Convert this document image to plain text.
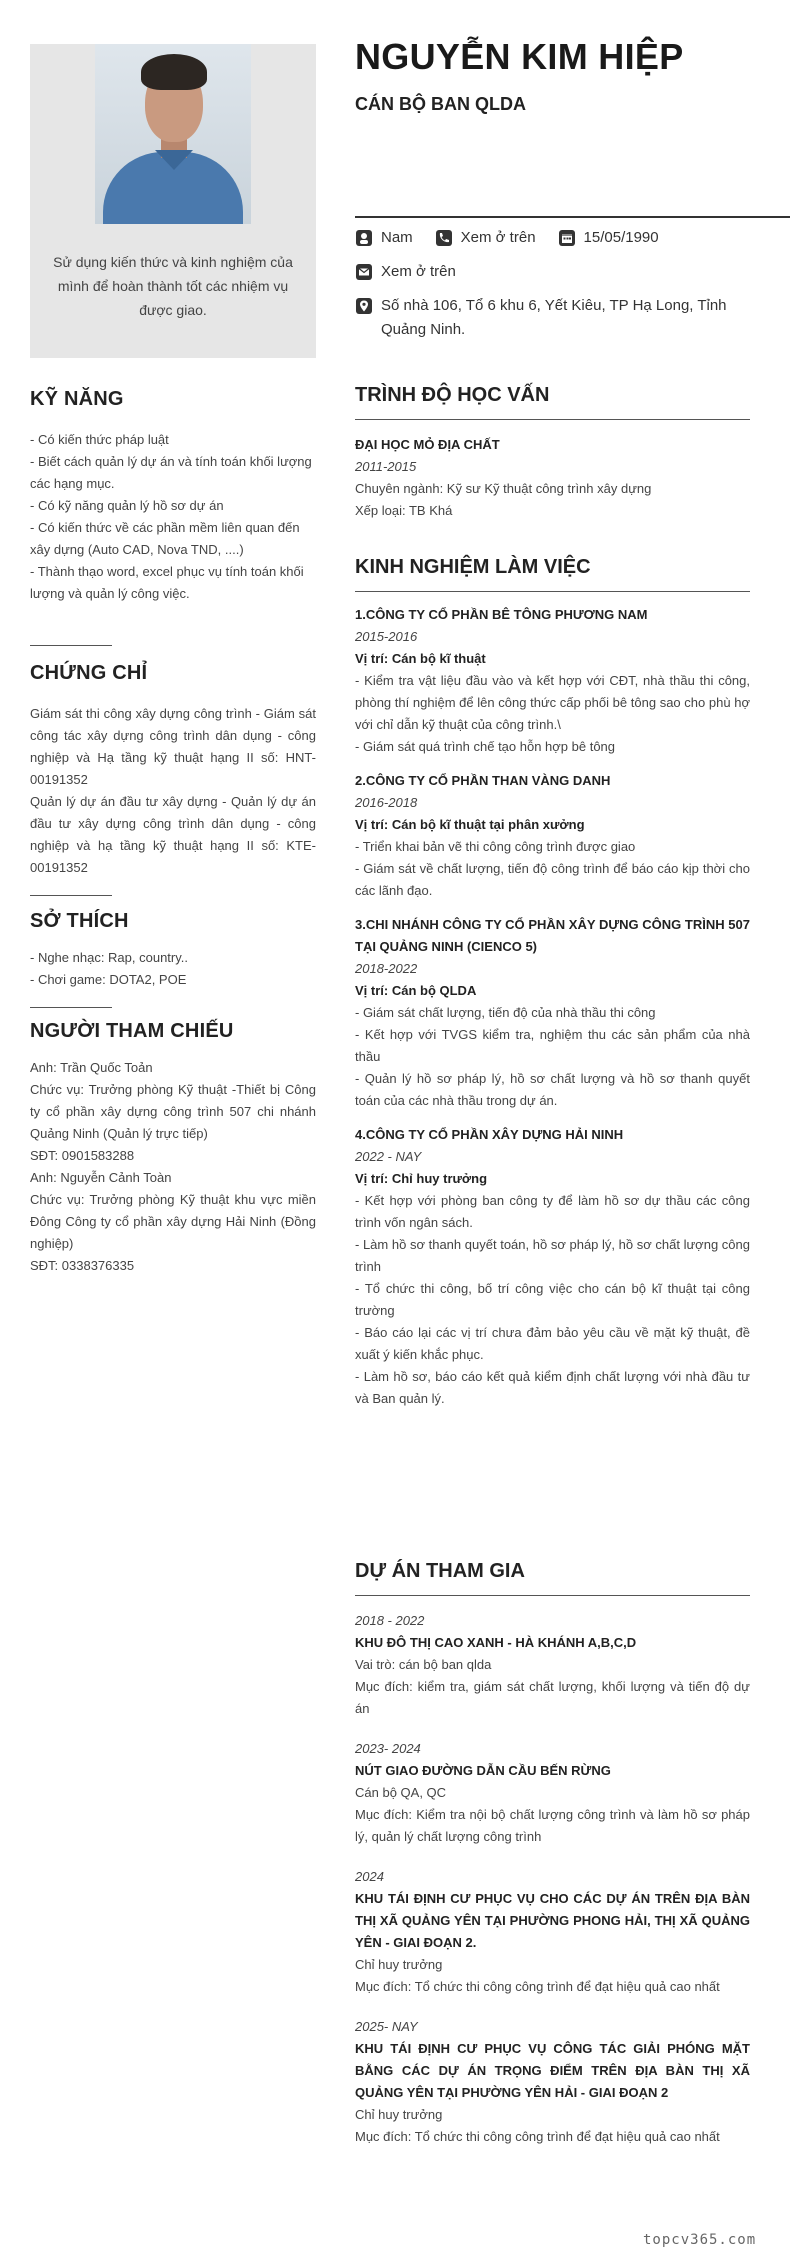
Sử dụng kiến thức và kinh nghiệm của mình để hoàn thành tốt các nhiệm vụ được giao.

KỸ NĂNG

- Có kiến thức pháp luật

- Biết cách quản lý dự án và tính toán khối lượng các hạng mục.

- Có kỹ năng quản lý hồ sơ dự án

- Có kiến thức về các phần mềm liên quan đến xây dựng (Auto CAD, Nova TND, ....)

- Thành thạo word, excel phục vụ tính toán khối lượng và quản lý công việc.

CHỨNG CHỈ

Giám sát thi công xây dựng công trình - Giám sát công tác xây dựng công trình dân dụng - công nghiệp và Hạ tầng kỹ thuật hạng II số: HNT-00191352

Quản lý dự án đầu tư xây dựng - Quản lý dự án đầu tư xây dựng công trình dân dụng - công nghiệp và hạ tầng kỹ thuật hạng II số: KTE-00191352

SỞ THÍCH

- Nghe nhạc: Rap, country..

- Chơi game: DOTA2, POE

NGƯỜI THAM CHIẾU

Anh: Trần Quốc Toản

Chức vụ: Trưởng phòng Kỹ thuật -Thiết bị Công ty cổ phần xây dựng công trình 507 chi nhánh Quảng Ninh (Quản lý trực tiếp)

SĐT: 0901583288

Anh: Nguyễn Cảnh Toàn

Chức vụ: Trưởng phòng Kỹ thuật khu vực miền Đông Công ty cổ phần xây dựng Hải Ninh (Đồng nghiệp)

SĐT: 0338376335

NGUYỄN KIM HIỆP
CÁN BỘ BAN QLDA
Nam	Xem ở trên	15/05/1990
Xem ở trên
Số nhà 106, Tổ 6 khu 6, Yết Kiêu, TP Hạ Long, Tỉnh Quảng Ninh.
TRÌNH ĐỘ HỌC VẤN

ĐẠI HỌC MỎ ĐỊA CHẤT

2011-2015

Chuyên ngành: Kỹ sư Kỹ thuật công trình xây dựng

Xếp loại: TB Khá

KINH NGHIỆM LÀM VIỆC

1.CÔNG TY CỔ PHẦN BÊ TÔNG PHƯƠNG NAM

2015-2016

Vị trí: Cán bộ kĩ thuật

- Kiểm tra vật liệu đầu vào và kết hợp với CĐT, nhà thầu thi công, phòng thí nghiệm để lên công thức cấp phối bê tông sao cho phù hợ với chỉ dẫn kỹ thuật của công trình.\

- Giám sát quá trình chế tạo hỗn hợp bê tông

2.CÔNG TY CỔ PHẦN THAN VÀNG DANH

2016-2018

Vị trí: Cán bộ kĩ thuật tại phân xưởng

- Triển khai bản vẽ thi công công trình được giao

- Giám sát về chất lượng, tiến độ công trình để báo cáo kịp thời cho các lãnh đạo.

3.CHI NHÁNH CÔNG TY CỔ PHẦN XÂY DỰNG CÔNG TRÌNH 507 TẠI QUẢNG NINH (CIENCO 5)

2018-2022

Vị trí: Cán bộ QLDA

- Giám sát chất lượng, tiến độ của nhà thầu thi công

- Kết hợp với TVGS kiểm tra, nghiệm thu các sản phẩm của nhà thầu

- Quản lý hồ sơ pháp lý, hồ sơ chất lượng và hồ sơ thanh quyết toán của các nhà thầu trong dự án.

4.CÔNG TY CỔ PHẦN XÂY DỰNG HẢI NINH

2022 - NAY

Vị trí: Chỉ huy trưởng

- Kết hợp với phòng ban công ty để làm hồ sơ dự thầu các công trình vốn ngân sách.

- Làm hồ sơ thanh quyết toán, hồ sơ pháp lý, hồ sơ chất lượng công trình

- Tổ chức thi công, bố trí công việc cho cán bộ kĩ thuật tại công trường

- Báo cáo lại các vị trí chưa đảm bảo yêu cầu về mặt kỹ thuật, đề xuất ý kiến khắc phục.

- Làm hồ sơ, báo cáo kết quả kiểm định chất lượng với nhà đầu tư và Ban quản lý.

DỰ ÁN THAM GIA

2018 - 2022

KHU ĐÔ THỊ CAO XANH - HÀ KHÁNH A,B,C,D

Vai trò: cán bộ ban qlda

Mục đích: kiểm tra, giám sát chất lượng, khối lượng và tiến độ dự án

2023- 2024

NÚT GIAO ĐƯỜNG DẪN CẦU BẾN RỪNG

Cán bộ QA, QC

Mục đích: Kiểm tra nội bộ chất lượng công trình và làm hồ sơ pháp lý, quản lý chất lượng công trình

2024

KHU TÁI ĐỊNH CƯ PHỤC VỤ CHO CÁC DỰ ÁN TRÊN ĐỊA BÀN THỊ XÃ QUẢNG YÊN TẠI PHƯỜNG PHONG HẢI, THỊ XÃ QUẢNG YÊN - GIAI ĐOẠN 2.

Chỉ huy trưởng

Mục đích: Tổ chức thi công công trình để đạt hiệu quả cao nhất

2025- NAY

KHU TÁI ĐỊNH CƯ PHỤC VỤ CÔNG TÁC GIẢI PHÓNG MẶT BẰNG CÁC DỰ ÁN TRỌNG ĐIỂM TRÊN ĐỊA BÀN THỊ XÃ QUẢNG YÊN TẠI PHƯỜNG YÊN HẢI - GIAI ĐOẠN 2

Chỉ huy trưởng

Mục đích: Tổ chức thi công công trình để đạt hiệu quả cao nhất

topcv365.com
